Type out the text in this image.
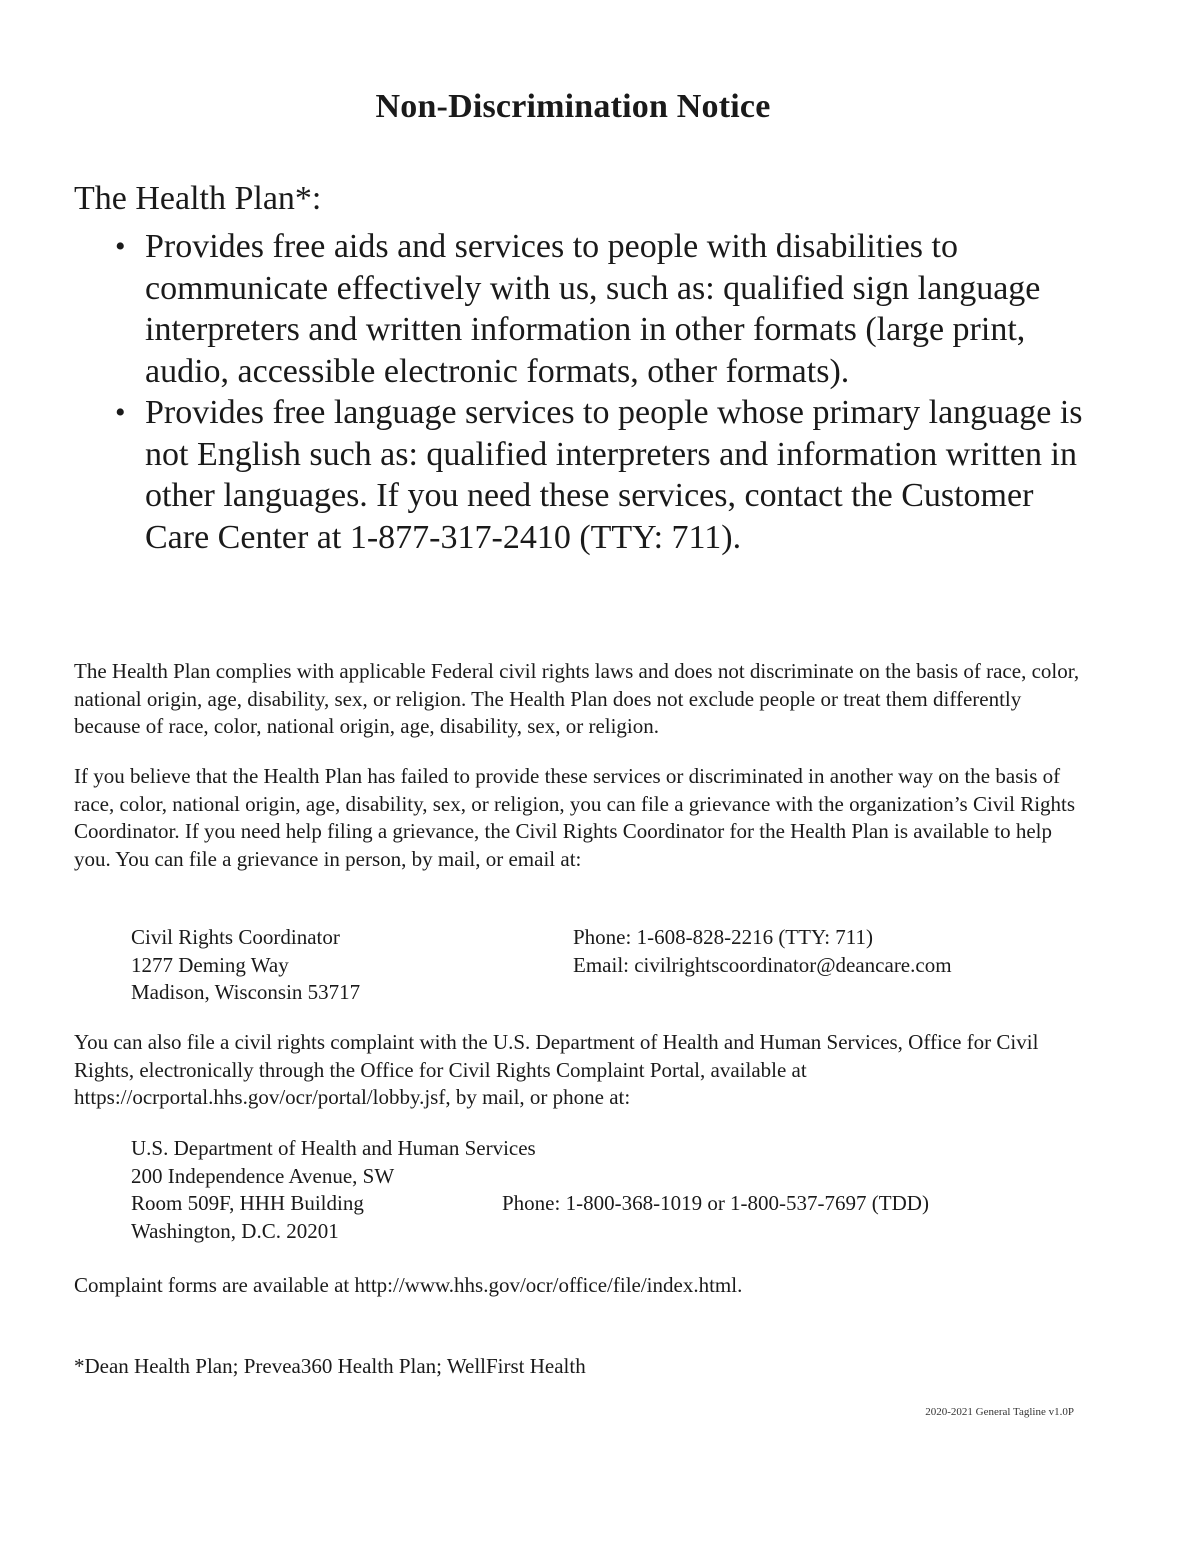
Non-Discrimination Notice

The Health Plan*:

• Provides free aids and services to people with disabilities to communicate effectively with us, such as: qualified sign language interpreters and written information in other formats (large print, audio, accessible electronic formats, other formats).
• Provides free language services to people whose primary language is not English such as: qualified interpreters and information written in other languages. If you need these services, contact the Customer Care Center at 1-877-317-2410 (TTY: 711).

The Health Plan complies with applicable Federal civil rights laws and does not discriminate on the basis of race, color, national origin, age, disability, sex, or religion. The Health Plan does not exclude people or treat them differently because of race, color, national origin, age, disability, sex, or religion.

If you believe that the Health Plan has failed to provide these services or discriminated in another way on the basis of race, color, national origin, age, disability, sex, or religion, you can file a grievance with the organization’s Civil Rights Coordinator. If you need help filing a grievance, the Civil Rights Coordinator for the Health Plan is available to help you. You can file a grievance in person, by mail, or email at:

Civil Rights Coordinator
1277 Deming Way
Madison, Wisconsin 53717
Phone: 1-608-828-2216 (TTY: 711)
Email: civilrightscoordinator@deancare.com

You can also file a civil rights complaint with the U.S. Department of Health and Human Services, Office for Civil Rights, electronically through the Office for Civil Rights Complaint Portal, available at https://ocrportal.hhs.gov/ocr/portal/lobby.jsf, by mail, or phone at:

U.S. Department of Health and Human Services
200 Independence Avenue, SW
Room 509F, HHH Building
Washington, D.C. 20201
Phone: 1-800-368-1019 or 1-800-537-7697 (TDD)

Complaint forms are available at http://www.hhs.gov/ocr/office/file/index.html.

*Dean Health Plan; Prevea360 Health Plan; WellFirst Health

2020-2021 General Tagline v1.0P
